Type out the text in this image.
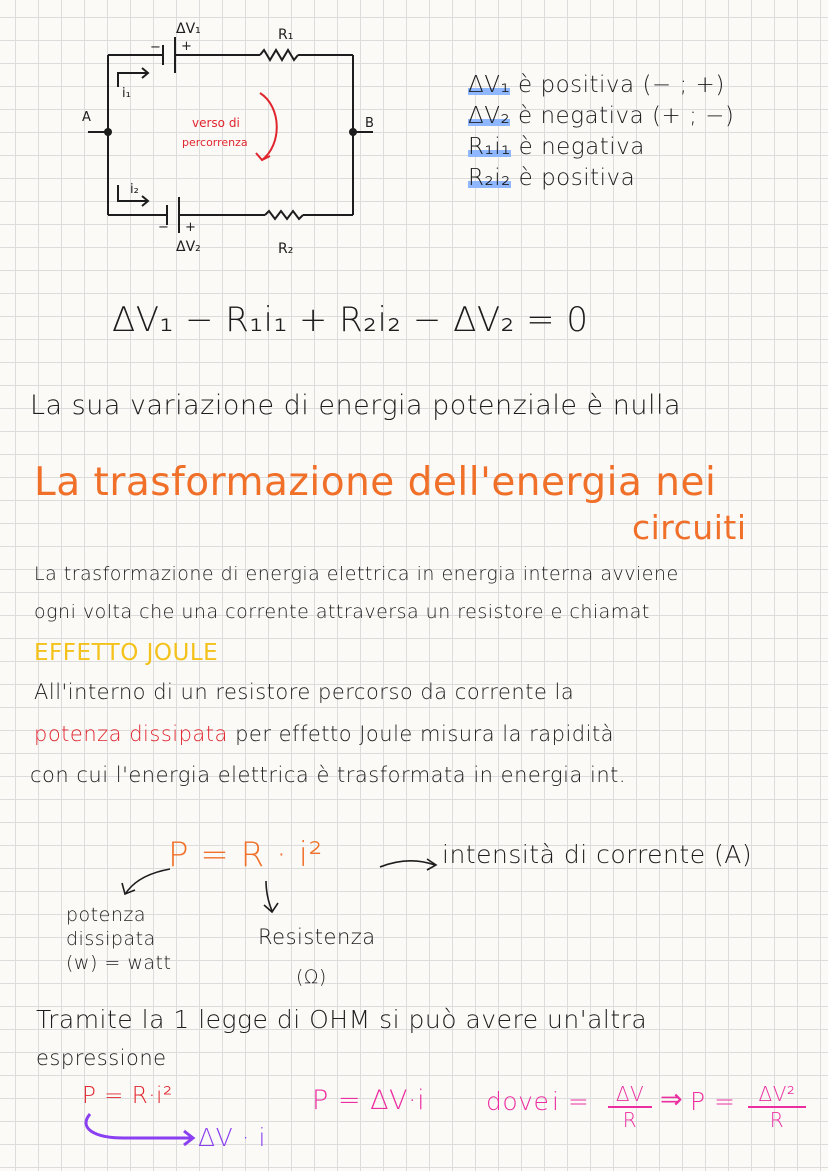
A	B
ΔV₁
− +
R₁
i₁
i₂
− +
ΔV₂	R₂
verso di
percorrenza
ΔV₁ è positiva (− ; +)
ΔV₂ è negativa (+ ; −)
R₁i₁ è negativa
R₂i₂ è positiva
ΔV₁ − R₁i₁ + R₂i₂ − ΔV₂ = 0
La sua variazione di energia potenziale è nulla
La trasformazione dell'energia nei
circuiti
La trasformazione di energia elettrica in energia interna avviene
ogni volta che una corrente attraversa un resistore e chiamat
EFFETTO JOULE
All'interno di un resistore percorso da corrente la
potenza dissipata per effetto Joule misura la rapidità
con cui l'energia elettrica è trasformata in energia int.
P = R · i²	intensità di corrente (A)
potenza
dissipata
(w) = watt
Resistenza
(Ω)
Tramite la 1 legge di OHM si può avere un'altra
espressione
P = R·i²
ΔV · i
P = ΔV·i dove $i = \frac{\Delta V}{R}$ ⇒ $P = \frac{\text{ΔV²}}{R}$
